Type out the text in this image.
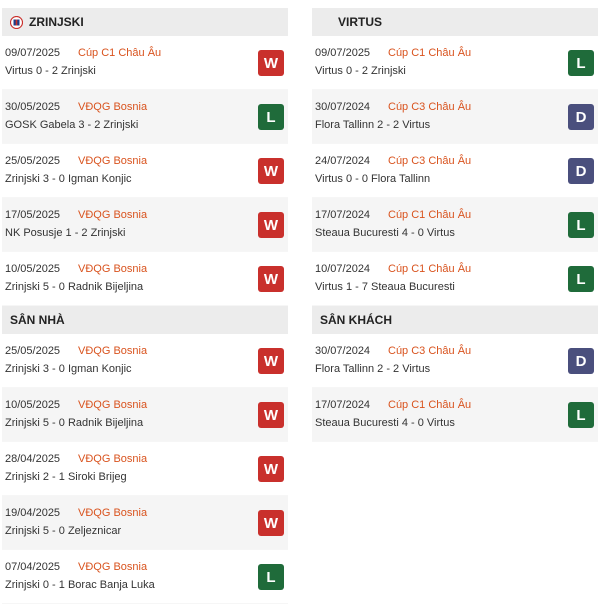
ZRINJSKI
09/07/2025 Cúp C1 Châu Âu
Virtus 0 - 2 Zrinjski	W
30/05/2025 VĐQG Bosnia
GOSK Gabela 3 - 2 Zrinjski	L
25/05/2025 VĐQG Bosnia
Zrinjski 3 - 0 Igman Konjic	W
17/05/2025 VĐQG Bosnia
NK Posusje 1 - 2 Zrinjski	W
10/05/2025 VĐQG Bosnia
Zrinjski 5 - 0 Radnik Bijeljina	W
SÂN NHÀ
25/05/2025 VĐQG Bosnia
Zrinjski 3 - 0 Igman Konjic	W
10/05/2025 VĐQG Bosnia
Zrinjski 5 - 0 Radnik Bijeljina	W
28/04/2025 VĐQG Bosnia
Zrinjski 2 - 1 Siroki Brijeg	W
19/04/2025 VĐQG Bosnia
Zrinjski 5 - 0 Zeljeznicar	W
07/04/2025 VĐQG Bosnia
Zrinjski 0 - 1 Borac Banja Luka	L
VIRTUS
09/07/2025 Cúp C1 Châu Âu
Virtus 0 - 2 Zrinjski	L
30/07/2024 Cúp C3 Châu Âu
Flora Tallinn 2 - 2 Virtus	D
24/07/2024 Cúp C3 Châu Âu
Virtus 0 - 0 Flora Tallinn	D
17/07/2024 Cúp C1 Châu Âu
Steaua Bucuresti 4 - 0 Virtus	L
10/07/2024 Cúp C1 Châu Âu
Virtus 1 - 7 Steaua Bucuresti	L
SÂN KHÁCH
30/07/2024 Cúp C3 Châu Âu
Flora Tallinn 2 - 2 Virtus	D
17/07/2024 Cúp C1 Châu Âu
Steaua Bucuresti 4 - 0 Virtus	L
